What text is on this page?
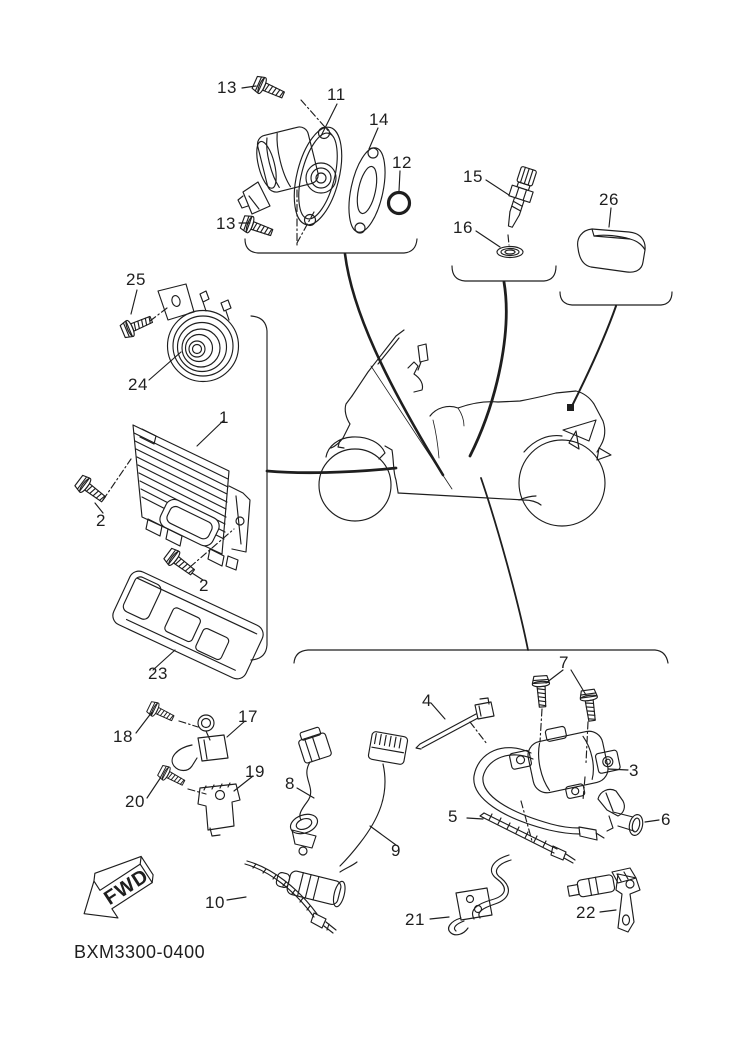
FWD
1
2
2
3
4
5	6
7
8
9
10
11
12
13
13
14
15
16
17
18
19
20
21	22
23
24
25
26
BXM3300-0400
